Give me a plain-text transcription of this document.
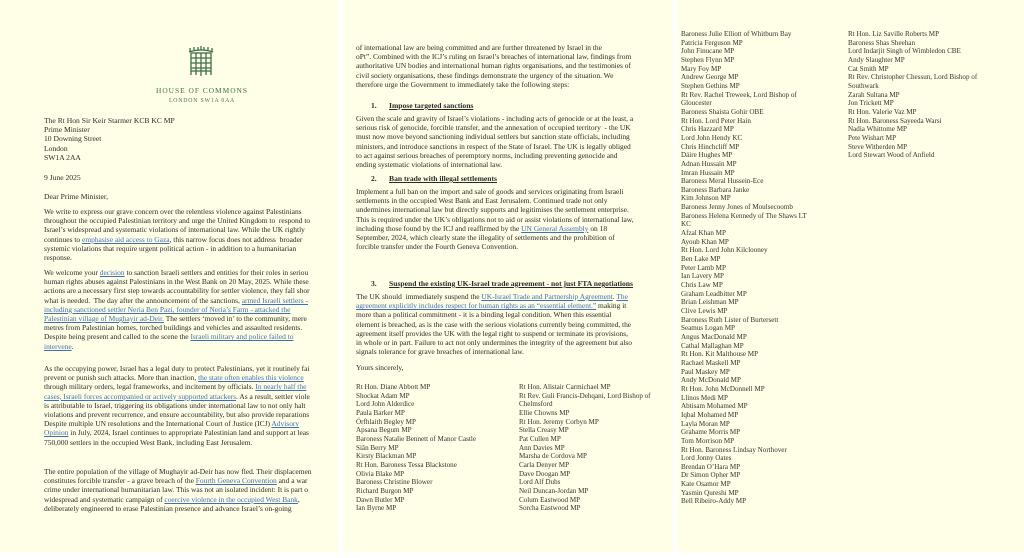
HOUSE OF COMMONS
LONDON SW1A 0AA
The Rt Hon Sir Keir Starmer KCB KC MP
Prime Minister
10 Downing Street
London
SW1A 2AA
9 June 2025
Dear Prime Minister,
We write to express our grave concern over the relentless violence against Palestinians
throughout the occupied Palestinian territory and urge the United Kingdom to  respond to
Israel’s widespread and systematic violations of international law. While the UK rightly
continues to emphasise aid access to Gaza, this narrow focus does not address  broader
systemic violations that require urgent political action - in addition to a humanitarian
response.
We welcome your decision to sanction Israeli settlers and entities for their roles in seriou
human rights abuses against Palestinians in the West Bank on 20 May, 2025. While these
actions are a necessary first step towards accountability for settler violence, they fall shor
what is needed.  The day after the announcement of the sanctions, armed Israeli settlers -
including sanctioned settler Neria Ben Pazi, founder of Neria’s Farm - attacked the
Palestinian village of Mughayir ad-Deir. The settlers ‘moved in’ to the community, mere
metres from Palestinian homes, torched buildings and vehicles and assaulted residents.
Despite being present and called to the scene the Israeli military and police failed to
intervene.
As the occupying power, Israel has a legal duty to protect Palestinians, yet it routinely fai
prevent or punish such attacks. More than inaction, the state often enables this violence
through military orders, legal frameworks, and incitement by officials. In nearly half the
cases, Israeli forces accompanied or actively supported attackers. As a result, settler viole
is attributable to Israel, triggering its obligations under international law to not only halt
violations and prevent recurrence, and ensure accountability, but also provide reparations
Despite multiple UN resolutions and the International Court of Justice (ICJ) Advisory
Opinion in July, 2024, Israel continues to appropriate Palestinian land and support at leas
750,000 settlers in the occupied West Bank, including East Jerusalem.
The entire population of the village of Mughayir ad-Deir has now fled. Their displacemen
constitutes forcible transfer - a grave breach of the Fourth Geneva Convention and a war
crime under international humanitarian law. This was not an isolated incident: It is part o
widespread and systematic campaign of coercive violence in the occupied West Bank,
deliberately engineered to erase Palestinian presence and advance Israel’s on-going
of international law are being committed and are further threatened by Israel in the
oPt”. Combined with the ICJ’s ruling on Israel’s breaches of international law, findings from
authoritative UN bodies and international human rights organisations, and the testimonies of
civil society organisations, these findings demonstrate the urgency of the situation. We
therefore urge the Government to immediately take the following steps:
1. Impose targeted sanctions
Given the scale and gravity of Israel’s violations - including acts of genocide or at the least, a
serious risk of genocide, forcible transfer, and the annexation of occupied territory  - the UK
must now move beyond sanctioning individual settlers but sanction state officials, including
ministers, and introduce sanctions in respect of the State of Israel. The UK is legally obliged
to act against serious breaches of peremptory norms, including preventing genocide and
ending systematic violations of international law.
2. Ban trade with illegal settlements
Implement a full ban on the import and sale of goods and services originating from Israeli
settlements in the occupied West Bank and East Jerusalem. Continued trade not only
undermines international law but directly supports and legitimises the settlement enterprise.
This is required under the UK’s obligations not to aid or assist violations of international law,
including those found by the ICJ and reaffirmed by the UN General Assembly on 18
September, 2024, which clearly state the illegality of settlements and the prohibition of
forcible transfer under the Fourth Geneva Convention.
3. Suspend the existing UK-Israel trade agreement - not just FTA negotiations
The UK should  immediately suspend the UK-Israel Trade and Partnership Agreement. The
agreement explicitly includes respect for human rights as an “essential element.” making it
more than a political commitment - it is a binding legal condition. When this essential
element is breached, as is the case with the serious violations currently being committed, the
agreement itself provides the UK with the legal right to suspend or terminate its provisions,
in whole or in part. Failure to act not only undermines the integrity of the agreement but also
signals tolerance for grave breaches of international law.
Yours sincerely,
Rt Hon. Diane Abbott MP
Shockat Adam MP
Lord John Alderdice
Paula Barker MP
Órfhlaith Begley MP
Apsana Begum MP
Baroness Natalie Bennett of Manor Castle
Siân Berry MP
Kirsty Blackman MP
Rt Hon. Baroness Tessa Blackstone
Olivia Blake MP
Baroness Christine Blower
Richard Burgon MP
Dawn Butler MP
Ian Byrne MP
Rt Hon. Alistair Carmichael MP
Rt Rev. Guli Francis-Dehqani, Lord Bishop of
Chelmsford
Ellie Chowns MP
Rt Hon. Jeremy Corbyn MP
Stella Creasy MP
Pat Cullen MP
Ann Davies MP
Marsha de Cordova MP
Carla Denyer MP
Dave Doogan MP
Lord Alf Dubs
Neil Duncan-Jordan MP
Colum Eastwood MP
Sorcha Eastwood MP
Baroness Julie Elliott of Whitburn Bay
Patricia Ferguson MP
John Finucane MP
Stephen Flynn MP
Mary Foy MP
Andrew George MP
Stephen Gethins MP
Rt Rev. Rachel Treweek, Lord Bishop of
Gloucester
Baroness Shaista Gohir OBE
Rt Hon. Lord Peter Hain
Chris Hazzard MP
Lord John Hendy KC
Chris Hinchcliff MP
Dáire Hughes MP
Adnan Hussain MP
Imran Hussain MP
Baroness Meral Hussein-Ece
Baroness Barbara Janke
Kim Johnson MP
Baroness Jenny Jones of Moulsecoomb
Baroness Helena Kennedy of The Shaws LT
KC
Afzal Khan MP
Ayoub Khan MP
Rt Hon. Lord John Kilclooney
Ben Lake MP
Peter Lamb MP
Ian Lavery MP
Chris Law MP
Graham Leadbitter MP
Brian Leishman MP
Clive Lewis MP
Baroness Ruth Lister of Burtersett
Seamus Logan MP
Angus MacDonald MP
Cathal Mallaghan MP
Rt Hon. Kit Malthouse MP
Rachael Maskell MP
Paul Maskey MP
Andy McDonald MP
Rt Hon. John McDonnell MP
Llinos Medi MP
Abtisam Mohamed MP
Iqbal Mohamed MP
Layla Moran MP
Grahame Morris MP
Tom Morrison MP
Rt Hon. Baroness Lindsay Northover
Lord Jonny Oates
Brendan O’Hara MP
Dr Simon Opher MP
Kate Osamor MP
Yasmin Qureshi MP
Bell Ribeiro-Addy MP
Rt Hon. Liz Saville Roberts MP
Baroness Shas Sheehan
Lord Indarjit Singh of Wimbledon CBE
Andy Slaughter MP
Cat Smith MP
Rt Rev. Christopher Chessun, Lord Bishop of
Southwark
Zarah Sultana MP
Jon Trickett MP
Rt Hon. Valerie Vaz MP
Rt Hon. Baroness Sayeeda Warsi
Nadia Whittome MP
Pete Wishart MP
Steve Witherden MP
Lord Stewart Wood of Anfield
